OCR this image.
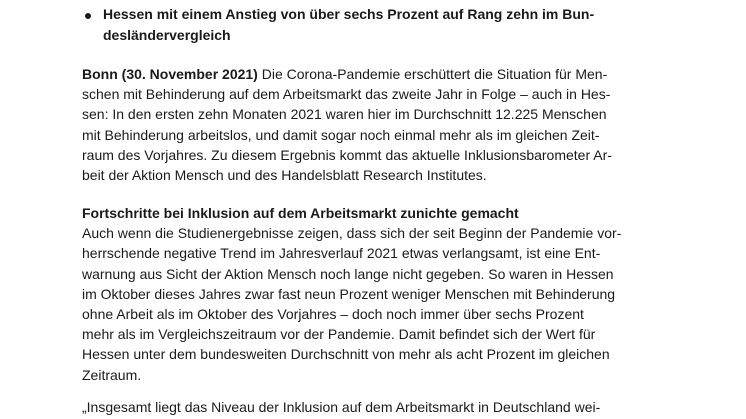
Hessen mit einem Anstieg von über sechs Prozent auf Rang zehn im Bun-
desländervergleich
Bonn (30. November 2021) Die Corona-Pandemie erschüttert die Situation für Men-
schen mit Behinderung auf dem Arbeitsmarkt das zweite Jahr in Folge – auch in Hes-
sen: In den ersten zehn Monaten 2021 waren hier im Durchschnitt 12.225 Menschen
mit Behinderung arbeitslos, und damit sogar noch einmal mehr als im gleichen Zeit-
raum des Vorjahres. Zu diesem Ergebnis kommt das aktuelle Inklusionsbarometer Ar-
beit der Aktion Mensch und des Handelsblatt Research Institutes.
Fortschritte bei Inklusion auf dem Arbeitsmarkt zunichte gemacht
Auch wenn die Studienergebnisse zeigen, dass sich der seit Beginn der Pandemie vor-
herrschende negative Trend im Jahresverlauf 2021 etwas verlangsamt, ist eine Ent-
warnung aus Sicht der Aktion Mensch noch lange nicht gegeben. So waren in Hessen
im Oktober dieses Jahres zwar fast neun Prozent weniger Menschen mit Behinderung
ohne Arbeit als im Oktober des Vorjahres – doch noch immer über sechs Prozent
mehr als im Vergleichszeitraum vor der Pandemie. Damit befindet sich der Wert für
Hessen unter dem bundesweiten Durchschnitt von mehr als acht Prozent im gleichen
Zeitraum.
„Insgesamt liegt das Niveau der Inklusion auf dem Arbeitsmarkt in Deutschland wei-
